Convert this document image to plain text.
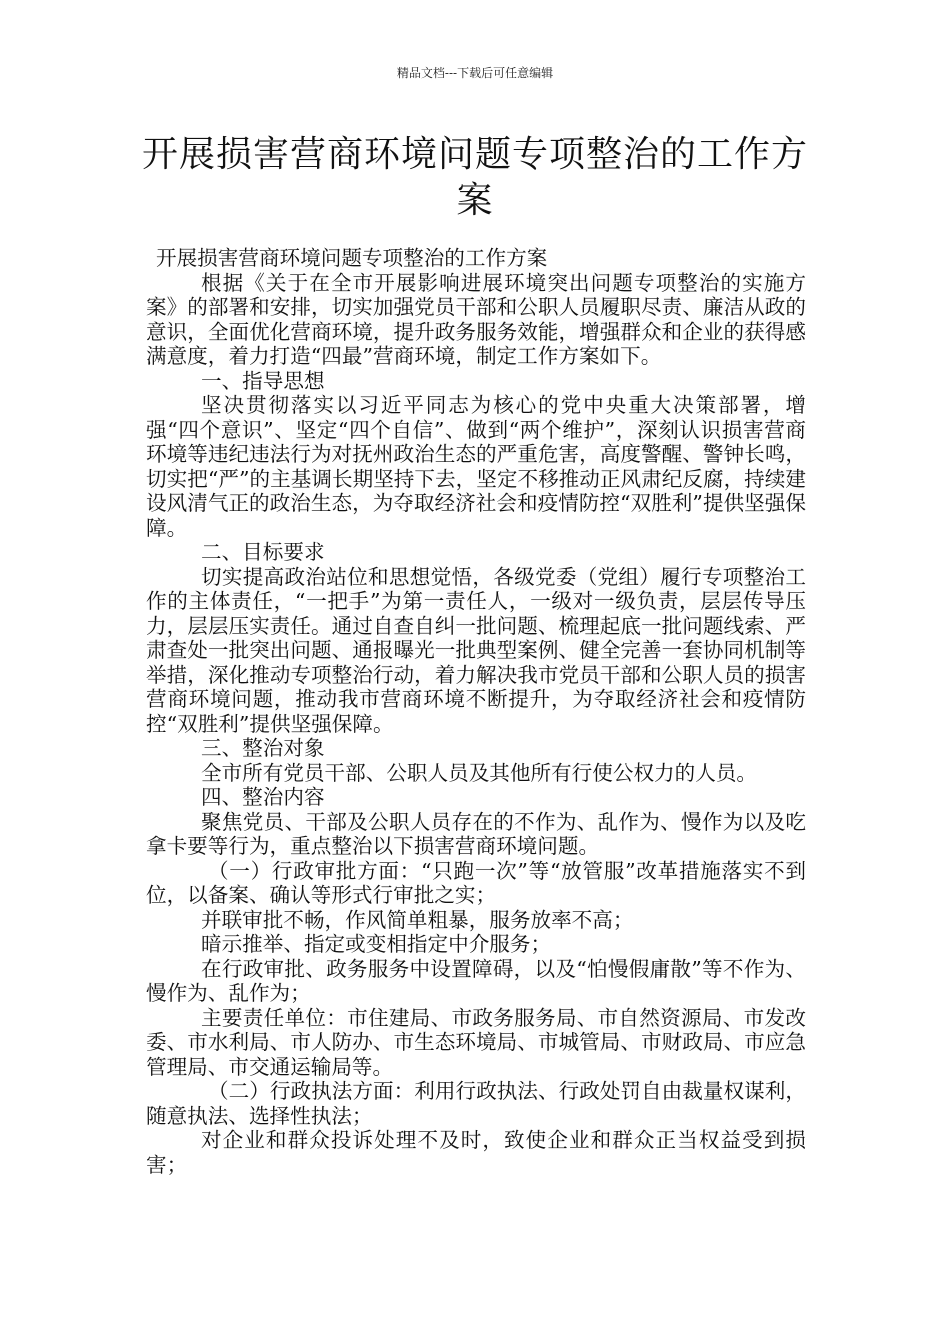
精品文档---下载后可任意编辑
开展损害营商环境问题专项整治的工作方案

开展损害营商环境问题专项整治的工作方案

根据《关于在全市开展影响进展环境突出问题专项整治的实施方案》的部署和安排，切实加强党员干部和公职人员履职尽责、廉洁从政的意识，全面优化营商环境，提升政务服务效能，增强群众和企业的获得感满意度，着力打造“四最”营商环境，制定工作方案如下。

一、指导思想

坚决贯彻落实以习近平同志为核心的党中央重大决策部署，增强“四个意识”、坚定“四个自信”、做到“两个维护”，深刻认识损害营商环境等违纪违法行为对抚州政治生态的严重危害，高度警醒、警钟长鸣，切实把“严”的主基调长期坚持下去，坚定不移推动正风肃纪反腐，持续建设风清气正的政治生态，为夺取经济社会和疫情防控“双胜利”提供坚强保障。

二、目标要求

切实提高政治站位和思想觉悟，各级党委（党组）履行专项整治工作的主体责任，“一把手”为第一责任人，一级对一级负责，层层传导压力，层层压实责任。通过自查自纠一批问题、梳理起底一批问题线索、严肃查处一批突出问题、通报曝光一批典型案例、健全完善一套协同机制等举措，深化推动专项整治行动，着力解决我市党员干部和公职人员的损害营商环境问题，推动我市营商环境不断提升，为夺取经济社会和疫情防控“双胜利”提供坚强保障。

三、整治对象

全市所有党员干部、公职人员及其他所有行使公权力的人员。

四、整治内容

聚焦党员、干部及公职人员存在的不作为、乱作为、慢作为以及吃拿卡要等行为，重点整治以下损害营商环境问题。

（一）行政审批方面：“只跑一次”等“放管服”改革措施落实不到位，以备案、确认等形式行审批之实；

并联审批不畅，作风简单粗暴，服务放率不高；

暗示推举、指定或变相指定中介服务；

在行政审批、政务服务中设置障碍，以及“怕慢假庸散”等不作为、慢作为、乱作为；

主要责任单位：市住建局、市政务服务局、市自然资源局、市发改委、市水利局、市人防办、市生态环境局、市城管局、市财政局、市应急管理局、市交通运输局等。

（二）行政执法方面：利用行政执法、行政处罚自由裁量权谋利，随意执法、选择性执法；

对企业和群众投诉处理不及时，致使企业和群众正当权益受到损害；
